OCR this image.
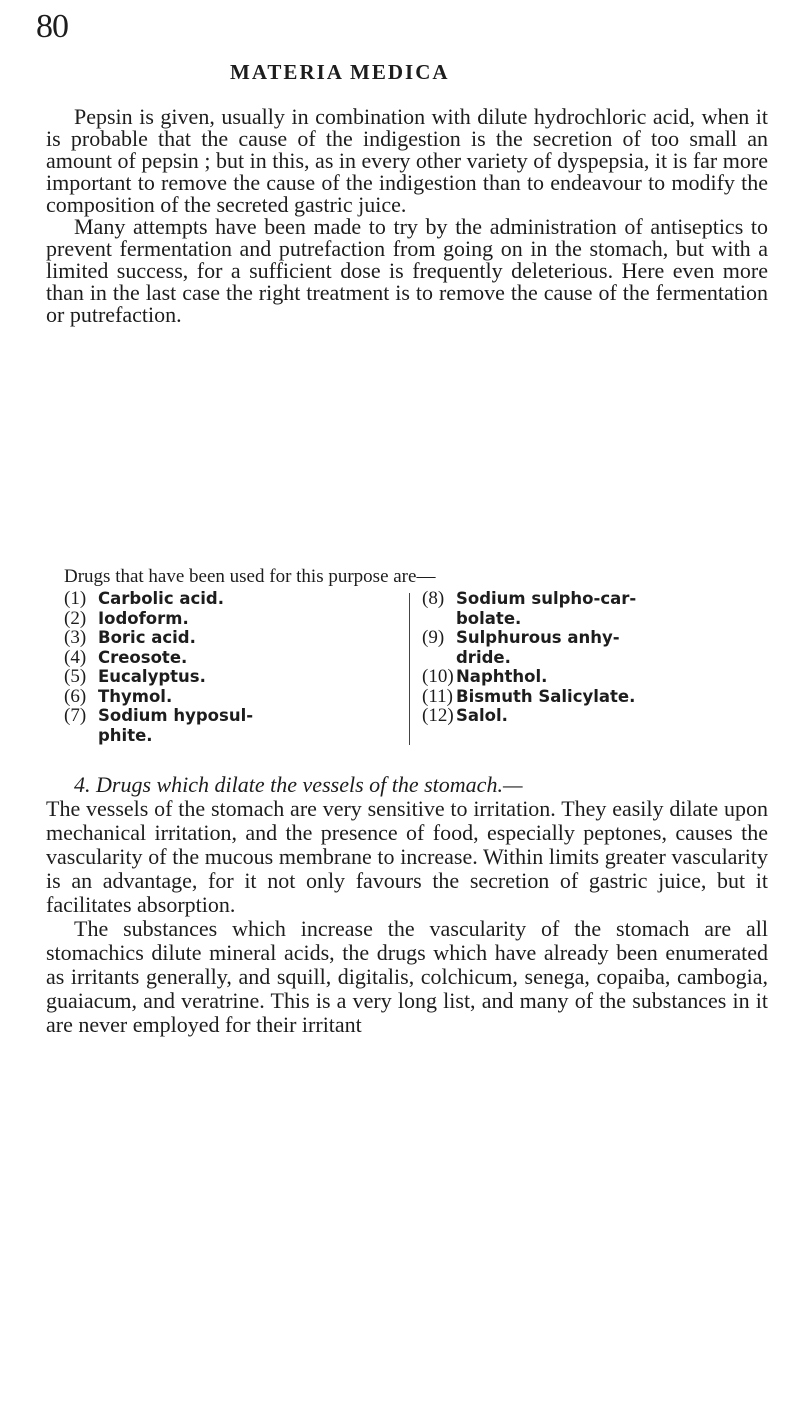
80
MATERIA MEDICA

Pepsin is given, usually in combination with dilute hydrochloric acid, when it is probable that the cause of the indigestion is the secretion of too small an amount of pepsin ; but in this, as in every other variety of dyspepsia, it is far more important to remove the cause of the indigestion than to endeavour to modify the composition of the secreted gastric juice.

Many attempts have been made to try by the administration of antiseptics to prevent fermentation and putrefaction from going on in the stomach, but with a limited success, for a sufficient dose is frequently deleterious. Here even more than in the last case the right treatment is to remove the cause of the fermentation or putrefaction.

Drugs that have been used for this purpose are—

(1) Carbolic acid.
(2) Iodoform.
(3) Boric acid.
(4) Creosote.
(5) Eucalyptus.
(6) Thymol.
(7) Sodium hyposul-
phite.
(8) Sodium sulpho-car-
bolate.
(9) Sulphurous anhy-
dride.
(10) Naphthol.
(11) Bismuth Salicylate.
(12) Salol.

4. Drugs which dilate the vessels of the stomach.—

The vessels of the stomach are very sensitive to irritation. They easily dilate upon mechanical irritation, and the presence of food, especially peptones, causes the vascularity of the mucous membrane to increase. Within limits greater vascularity is an advantage, for it not only favours the secretion of gastric juice, but it facilitates absorption.

The substances which increase the vascularity of the stomach are all stomachics dilute mineral acids, the drugs which have already been enumerated as irritants generally, and squill, digitalis, colchicum, senega, copaiba, cambogia, guaiacum, and veratrine. This is a very long list, and many of the substances in it are never employed for their irritant
